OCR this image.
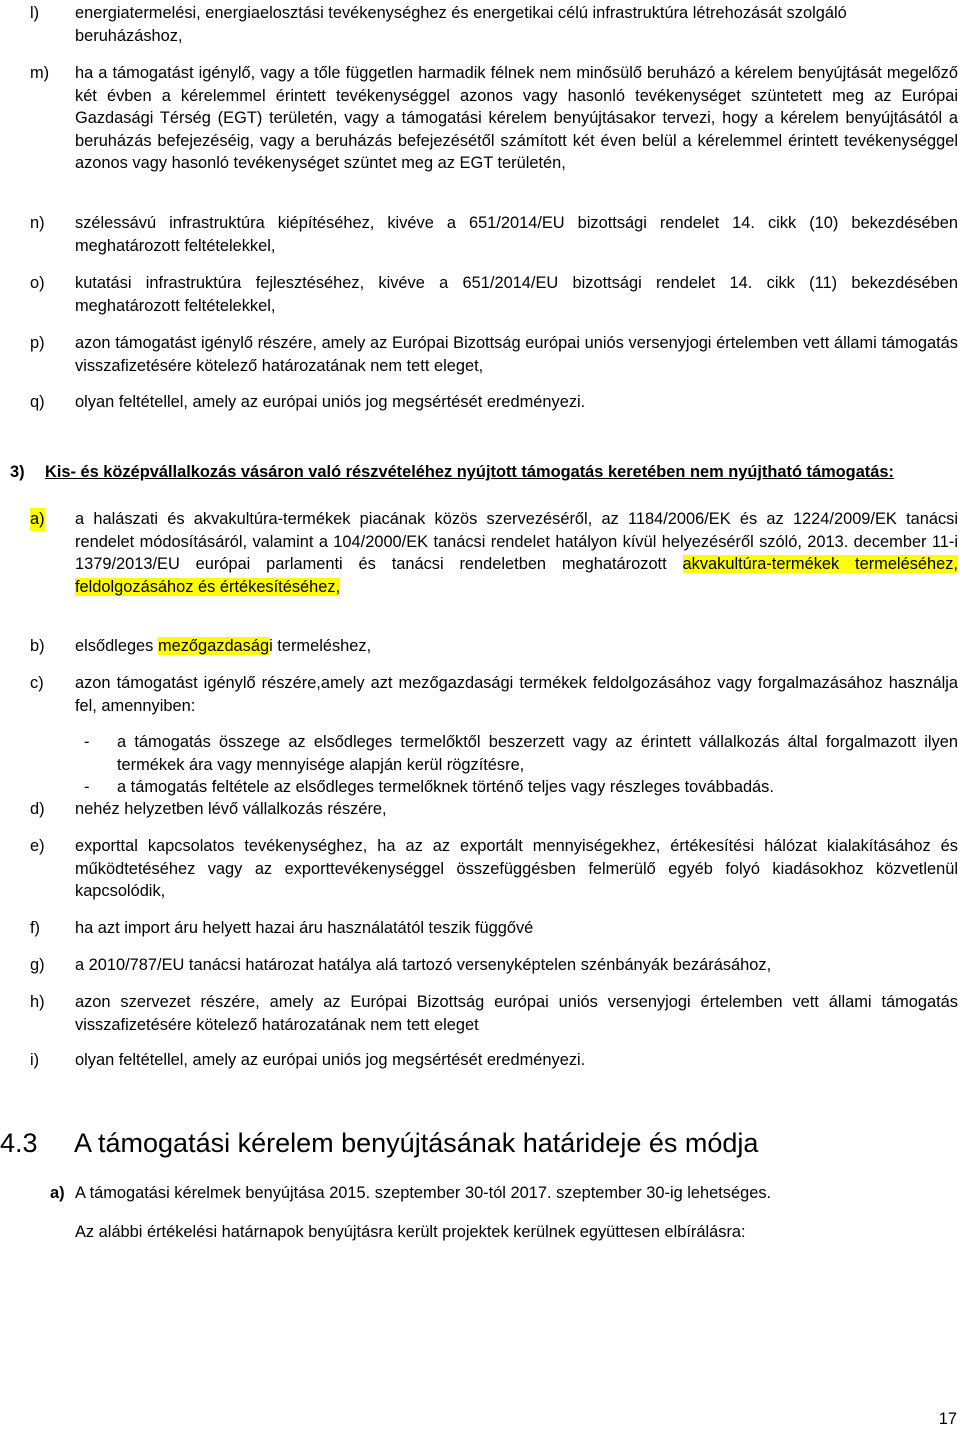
l) energiatermelési, energiaelosztási tevékenységhez és energetikai célú infrastruktúra létrehozását szolgáló beruházáshoz,
m) ha a támogatást igénylő, vagy a tőle független harmadik félnek nem minősülő beruházó a kérelem benyújtását megelőző két évben a kérelemmel érintett tevékenységgel azonos vagy hasonló tevékenységet szüntetett meg az Európai Gazdasági Térség (EGT) területén, vagy a támogatási kérelem benyújtásakor tervezi, hogy a kérelem benyújtásától a beruházás befejezéséig, vagy a beruházás befejezésétől számított két éven belül a kérelemmel érintett tevékenységgel azonos vagy hasonló tevékenységet szüntet meg az EGT területén,
n) szélessávú infrastruktúra kiépítéséhez, kivéve a 651/2014/EU bizottsági rendelet 14. cikk (10) bekezdésében meghatározott feltételekkel,
o) kutatási infrastruktúra fejlesztéséhez, kivéve a 651/2014/EU bizottsági rendelet 14. cikk (11) bekezdésében meghatározott feltételekkel,
p) azon támogatást igénylő részére, amely az Európai Bizottság európai uniós versenyjogi értelemben vett állami támogatás visszafizetésére kötelező határozatának nem tett eleget,
q) olyan feltétellel, amely az európai uniós jog megsértését eredményezi.
3) Kis- és középvállalkozás vásáron való részvételéhez nyújtott támogatás keretében nem nyújtható támogatás:
a) a halászati és akvakultúra-termékek piacának közös szervezéséről, az 1184/2006/EK és az 1224/2009/EK tanácsi rendelet módosításáról, valamint a 104/2000/EK tanácsi rendelet hatályon kívül helyezéséről szóló, 2013. december 11-i 1379/2013/EU európai parlamenti és tanácsi rendeletben meghatározott akvakultúra-termékek termeléséhez, feldolgozásához és értékesítéséhez,
b) elsődleges mezőgazdasági termeléshez,
c) azon támogatást igénylő részére,amely azt mezőgazdasági termékek feldolgozásához vagy forgalmazásához használja fel, amennyiben:
- a támogatás összege az elsődleges termelőktől beszerzett vagy az érintett vállalkozás által forgalmazott ilyen termékek ára vagy mennyisége alapján kerül rögzítésre,
- a támogatás feltétele az elsődleges termelőknek történő teljes vagy részleges továbbadás.
d) nehéz helyzetben lévő vállalkozás részére,
e) exporttal kapcsolatos tevékenységhez, ha az az exportált mennyiségekhez, értékesítési hálózat kialakításához és működtetéséhez vagy az exporttevékenységgel összefüggésben felmerülő egyéb folyó kiadásokhoz közvetlenül kapcsolódik,
f) ha azt import áru helyett hazai áru használatától teszik függővé
g) a 2010/787/EU tanácsi határozat hatálya alá tartozó versenyképtelen szénbányák bezárásához,
h) azon szervezet részére, amely az Európai Bizottság európai uniós versenyjogi értelemben vett állami támogatás visszafizetésére kötelező határozatának nem tett eleget
i) olyan feltétellel, amely az európai uniós jog megsértését eredményezi.
4.3 A támogatási kérelem benyújtásának határideje és módja
a) A támogatási kérelmek benyújtása 2015. szeptember 30-tól 2017. szeptember 30-ig lehetséges.
Az alábbi értékelési határnapok benyújtásra került projektek kerülnek együttesen elbírálásra:
17
